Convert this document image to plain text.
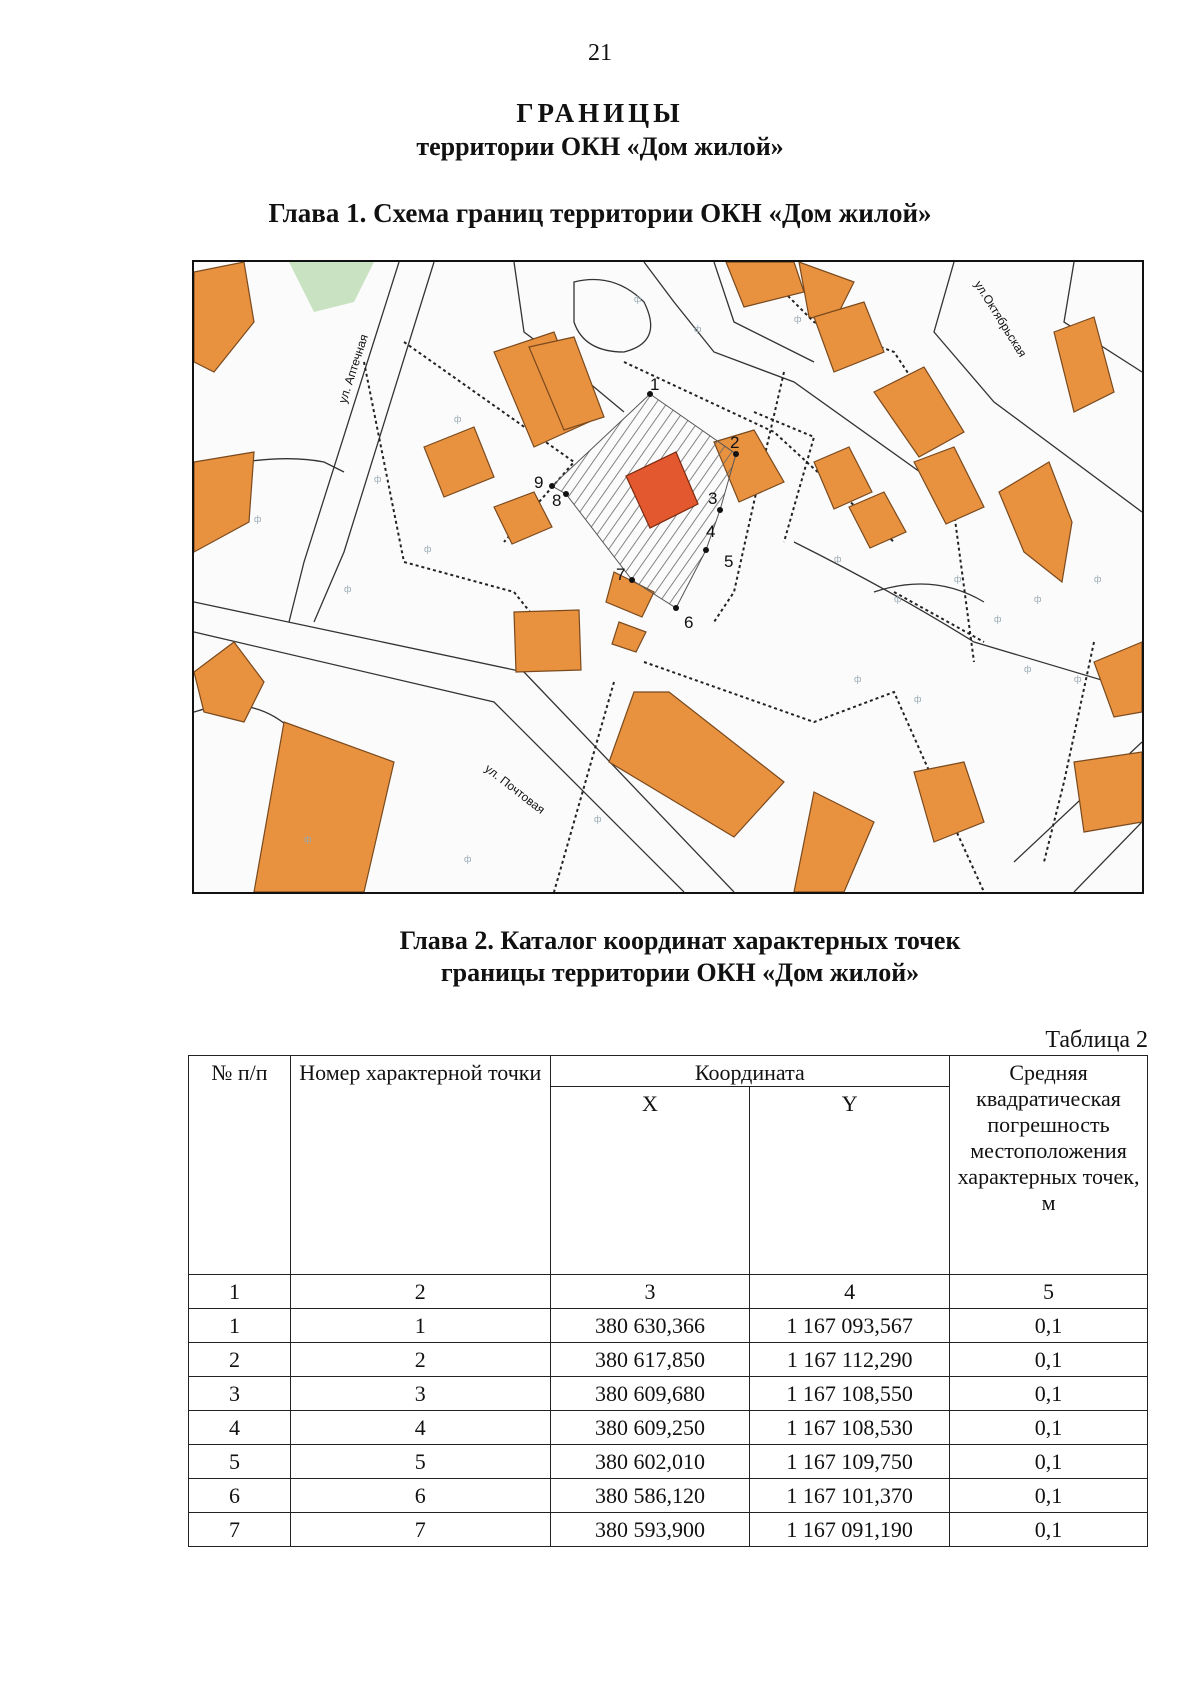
21
ГРАНИЦЫ
территории ОКН «Дом жилой»
Глава 1. Схема границ территории ОКН «Дом жилой»
1
2
3
4
5
6
7
8
9
ул. Аптечная
ул.Октябрьская
ул. Почтовая
ф
ф
ф
ф
ф
ф
ф
ф
ф
ф
ф
ф
ф
ф
ф
ф
ф
ф
ф
ф
ф
Глава 2. Каталог координат характерных точек
границы территории ОКН «Дом жилой»
Таблица 2
№ п/п	Номер характерной точки	Координата		Средняя квадратическая погрешность местоположения характерных точек, м
		X	Y	
1	2	3	4	5
1	1	380 630,366	1 167 093,567	0,1
2	2	380 617,850	1 167 112,290	0,1
3	3	380 609,680	1 167 108,550	0,1
4	4	380 609,250	1 167 108,530	0,1
5	5	380 602,010	1 167 109,750	0,1
6	6	380 586,120	1 167 101,370	0,1
7	7	380 593,900	1 167 091,190	0,1
